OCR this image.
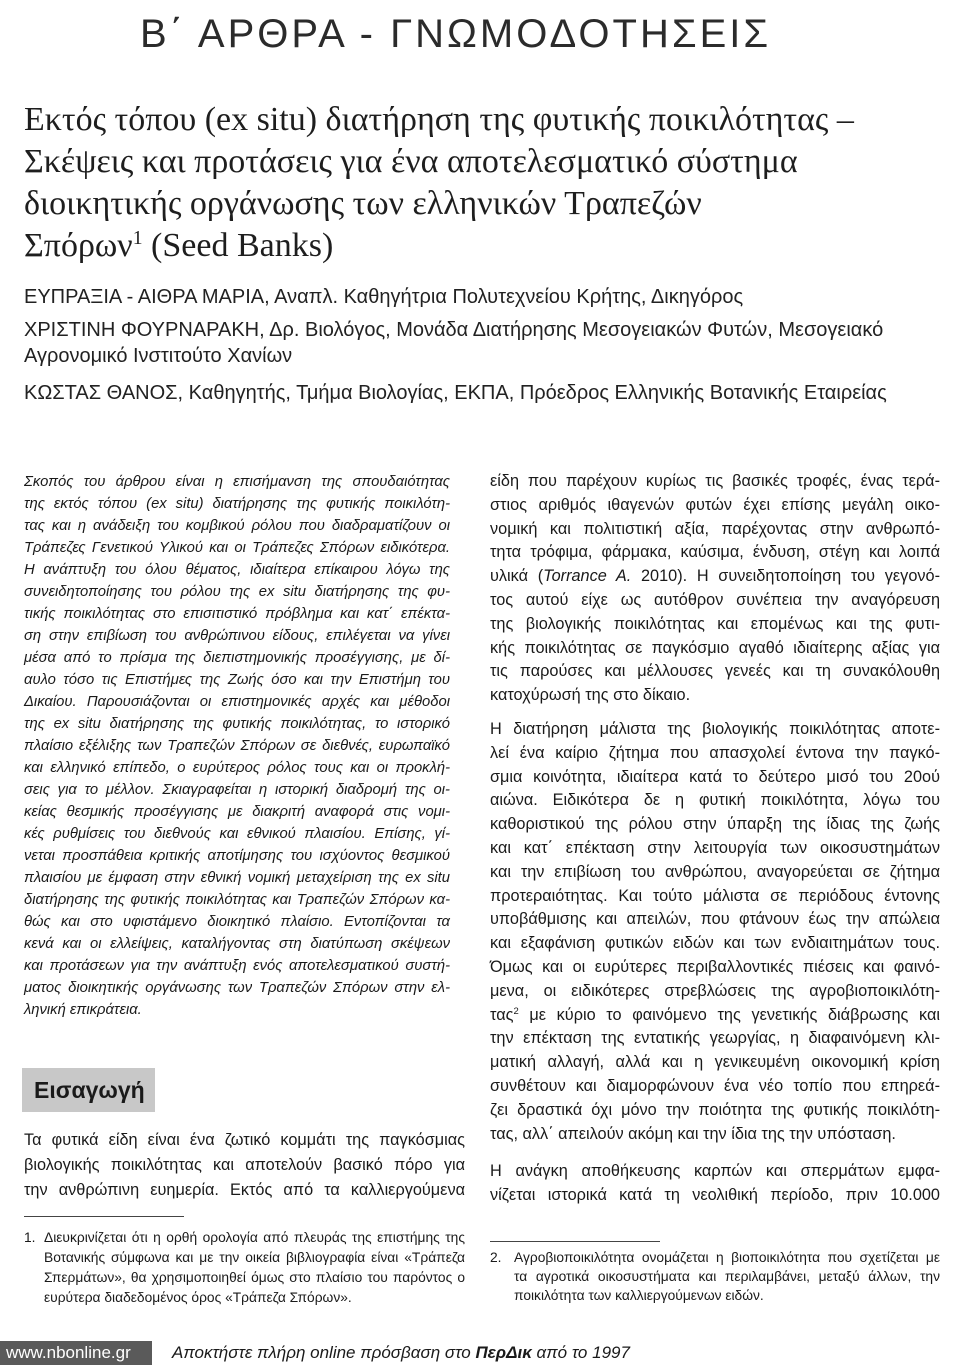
Β΄ ΑΡΘΡΑ - ΓΝΩΜΟΔΟΤΗΣΕΙΣ
Εκτός τόπου (ex situ) διατήρηση της φυτικής ποικιλότητας –
Σκέψεις και προτάσεις για ένα αποτελεσματικό σύστημα
διοικητικής οργάνωσης των ελληνικών Τραπεζών
Σπόρων$^1$ (Seed Banks)
ΕΥΠΡΑΞΙΑ - ΑΙΘΡΑ ΜΑΡΙΑ, Αναπλ. Καθηγήτρια Πολυτεχνείου Κρήτης, Δικηγόρος
ΧΡΙΣΤΙΝΗ ΦΟΥΡΝΑΡΑΚΗ, Δρ. Βιολόγος, Μονάδα Διατήρησης Μεσογειακών Φυτών, Μεσογειακό
Αγρονομικό Ινστιτούτο Χανίων
ΚΩΣΤΑΣ ΘΑΝΟΣ, Καθηγητής, Τμήμα Βιολογίας, ΕΚΠΑ, Πρόεδρος Ελληνικής Βοτανικής Εταιρείας
Σκοπός του άρθρου είναι η επισήμανση της σπουδαιότητας
της εκτός τόπου (ex situ) διατήρησης της φυτικής ποικιλότη-
τας και η ανάδειξη του κομβικού ρόλου που διαδραματίζουν οι
Τράπεζες Γενετικού Υλικού και οι Τράπεζες Σπόρων ειδικότερα.
Η ανάπτυξη του όλου θέματος, ιδιαίτερα επίκαιρου λόγω της
συνειδητοποίησης του ρόλου της ex situ διατήρησης της φυ-
τικής ποικιλότητας στο επισιτιστικό πρόβλημα και κατ΄ επέκτα-
ση στην επιβίωση του ανθρώπινου είδους, επιλέγεται να γίνει
μέσα από το πρίσμα της διεπιστημονικής προσέγγισης, με δί-
αυλο τόσο τις Επιστήμες της Ζωής όσο και την Επιστήμη του
Δικαίου. Παρουσιάζονται οι επιστημονικές αρχές και μέθοδοι
της ex situ διατήρησης της φυτικής ποικιλότητας, το ιστορικό
πλαίσιο εξέλιξης των Τραπεζών Σπόρων σε διεθνές, ευρωπαϊκό
και ελληνικό επίπεδο, ο ευρύτερος ρόλος τους και οι προκλή-
σεις για το μέλλον. Σκιαγραφείται η ιστορική διαδρομή της οι-
κείας θεσμικής προσέγγισης με διακριτή αναφορά στις νομι-
κές ρυθμίσεις του διεθνούς και εθνικού πλαισίου. Επίσης, γί-
νεται προσπάθεια κριτικής αποτίμησης του ισχύοντος θεσμικού
πλαισίου με έμφαση στην εθνική νομική μεταχείριση της ex situ
διατήρησης της φυτικής ποικιλότητας και Τραπεζών Σπόρων κα-
θώς και στο υφιστάμενο διοικητικό πλαίσιο. Εντοπίζονται τα
κενά και οι ελλείψεις, καταλήγοντας στη διατύπωση σκέψεων
και προτάσεων για την ανάπτυξη ενός αποτελεσματικού συστή-
ματος διοικητικής οργάνωσης των Τραπεζών Σπόρων στην ελ-
ληνική επικράτεια.
Εισαγωγή
Τα φυτικά είδη είναι ένα ζωτικό κομμάτι της παγκόσμιας
βιολογικής ποικιλότητας και αποτελούν βασικό πόρο για
την ανθρώπινη ευημερία. Εκτός από τα καλλιεργούμενα
1. Διευκρινίζεται ότι η ορθή ορολογία από πλευράς της επιστήμης της
Βοτανικής σύμφωνα και με την οικεία βιβλιογραφία είναι «Τράπεζα
Σπερμάτων», θα χρησιμοποιηθεί όμως στο πλαίσιο του παρόντος ο
ευρύτερα διαδεδομένος όρος «Τράπεζα Σπόρων».
είδη που παρέχουν κυρίως τις βασικές τροφές, ένας τερά-
στιος αριθμός ιθαγενών φυτών έχει επίσης μεγάλη οικο-
νομική και πολιτιστική αξία, παρέχοντας στην ανθρωπό-
τητα τρόφιμα, φάρμακα, καύσιμα, ένδυση, στέγη και λοιπά
υλικά (Torrance A. 2010). Η συνειδητοποίηση του γεγονό-
τος αυτού είχε ως αυτόθρον συνέπεια την αναγόρευση
της βιολογικής ποικιλότητας και επομένως και της φυτι-
κής ποικιλότητας σε παγκόσμιο αγαθό ιδιαίτερης αξίας για
τις παρούσες και μέλλουσες γενεές και τη συνακόλουθη
κατοχύρωσή της στο δίκαιο.
Η διατήρηση μάλιστα της βιολογικής ποικιλότητας αποτε-
λεί ένα καίριο ζήτημα που απασχολεί έντονα την παγκό-
σμια κοινότητα, ιδιαίτερα κατά το δεύτερο μισό του 20ού
αιώνα. Ειδικότερα δε η φυτική ποικιλότητα, λόγω του
καθοριστικού της ρόλου στην ύπαρξη της ίδιας της ζωής
και κατ΄ επέκταση στην λειτουργία των οικοσυστημάτων
και την επιβίωση του ανθρώπου, αναγορεύεται σε ζήτημα
προτεραιότητας. Και τούτο μάλιστα σε περιόδους έντονης
υποβάθμισης και απειλών, που φτάνουν έως την απώλεια
και εξαφάνιση φυτικών ειδών και των ενδιαιτημάτων τους.
Όμως και οι ευρύτερες περιβαλλοντικές πιέσεις και φαινό-
μενα, οι ειδικότερες στρεβλώσεις της αγροβιοποικιλότη-
τας$^2$ με κύριο το φαινόμενο της γενετικής διάβρωσης και
την επέκταση της εντατικής γεωργίας, η διαφαινόμενη κλι-
ματική αλλαγή, αλλά και η γενικευμένη οικονομική κρίση
συνθέτουν και διαμορφώνουν ένα νέο τοπίο που επηρεά-
ζει δραστικά όχι μόνο την ποιότητα της φυτικής ποικιλότη-
τας, αλλ΄ απειλούν ακόμη και την ίδια της την υπόσταση.
Η ανάγκη αποθήκευσης καρπών και σπερμάτων εμφα-
νίζεται ιστορικά κατά τη νεολιθική περίοδο, πριν 10.000
2. Αγροβιοποικιλότητα ονομάζεται η βιοποικιλότητα που σχετίζεται με
τα αγροτικά οικοσυστήματα και περιλαμβάνει, μεταξύ άλλων, την
ποικιλότητα των καλλιεργούμενων ειδών.
www.nbonline.gr	Αποκτήστε πλήρη online πρόσβαση στο ΠερΔικ από το 1997
